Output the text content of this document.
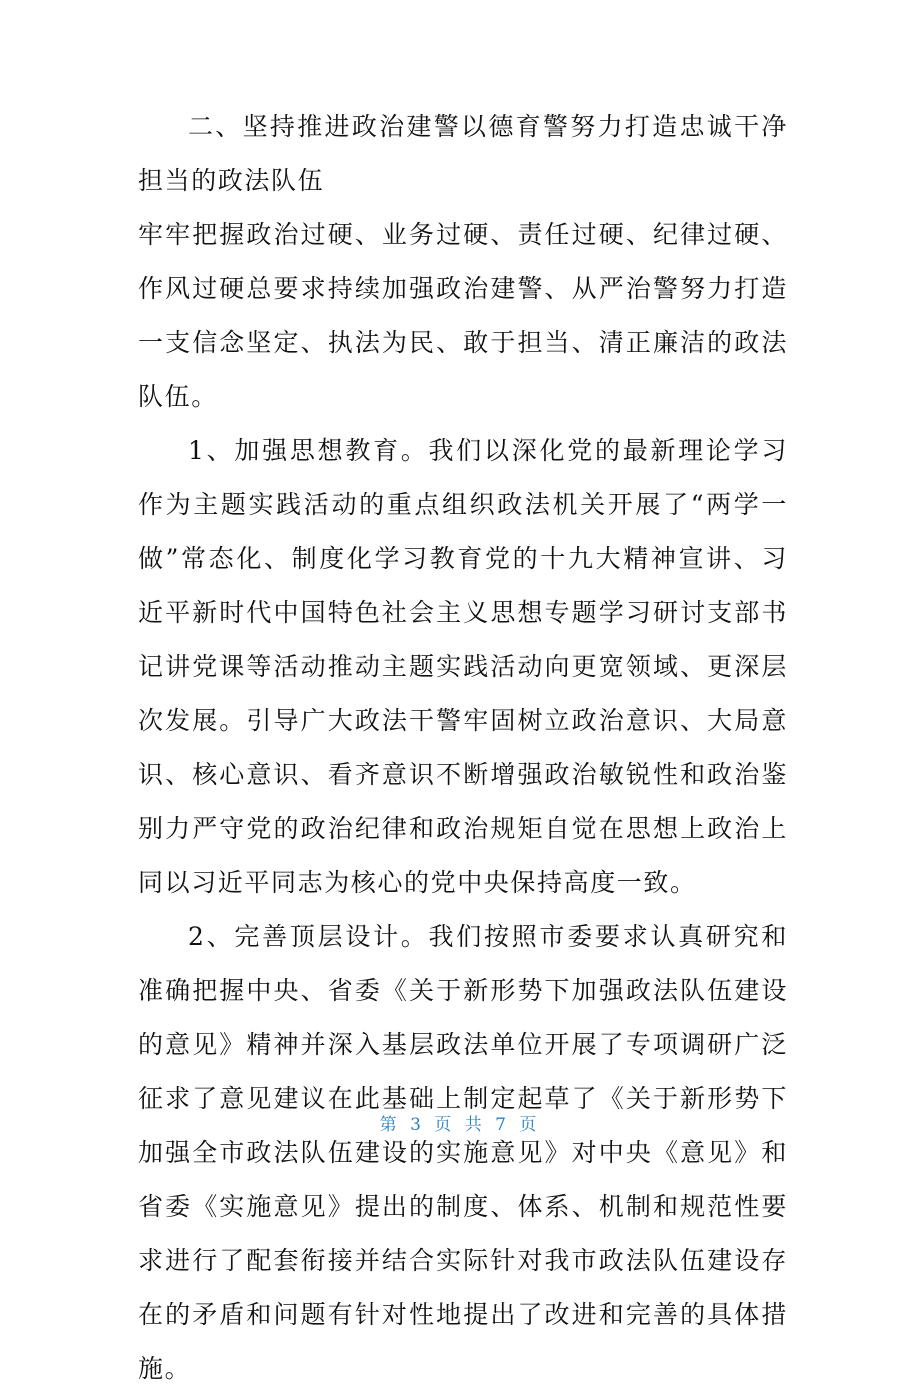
二、坚持推进政治建警以德育警努力打造忠诚干净担当的政法队伍

牢牢把握政治过硬、业务过硬、责任过硬、纪律过硬、作风过硬总要求持续加强政治建警、从严治警努力打造一支信念坚定、执法为民、敢于担当、清正廉洁的政法队伍。

1、加强思想教育。我们以深化党的最新理论学习作为主题实践活动的重点组织政法机关开展了“两学一做”常态化、制度化学习教育党的十九大精神宣讲、习近平新时代中国特色社会主义思想专题学习研讨支部书记讲党课等活动推动主题实践活动向更宽领域、更深层次发展。引导广大政法干警牢固树立政治意识、大局意识、核心意识、看齐意识不断增强政治敏锐性和政治鉴别力严守党的政治纪律和政治规矩自觉在思想上政治上同以习近平同志为核心的党中央保持高度一致。

2、完善顶层设计。我们按照市委要求认真研究和准确把握中央、省委《关于新形势下加强政法队伍建设的意见》精神并深入基层政法单位开展了专项调研广泛征求了意见建议在此基础上制定起草了《关于新形势下加强全市政法队伍建设的实施意见》对中央《意见》和省委《实施意见》提出的制度、体系、机制和规范性要求进行了配套衔接并结合实际针对我市政法队伍建设存在的矛盾和问题有针对性地提出了改进和完善的具体措施。

第 3 页 共 7 页
